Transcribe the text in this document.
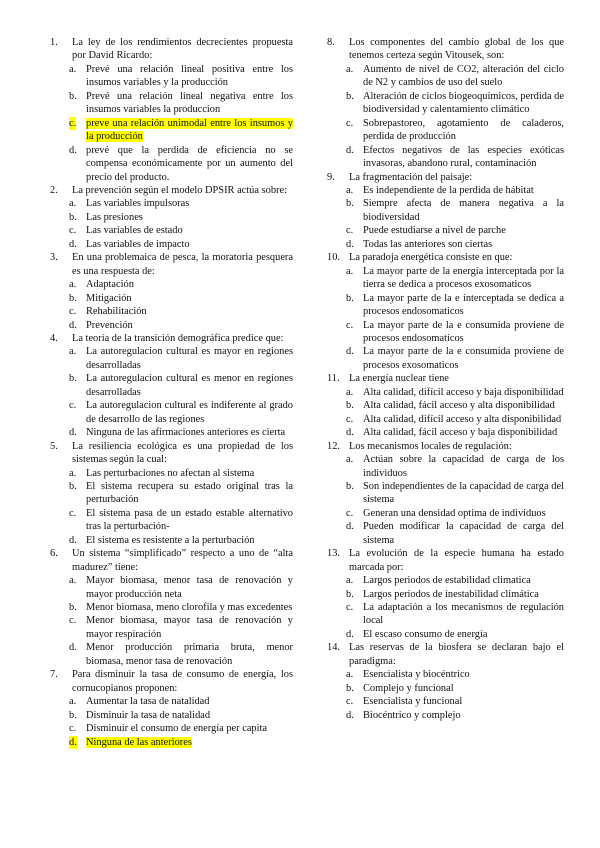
1. La ley de los rendimientos decrecientes propuesta por David Ricardo:
a. Prevé una relación lineal positiva entre los insumos variables y la producción
b. Prevé una relación lineal negativa entre los insumos variables la produccion
c. preve una relación unimodal entre los insumos y la producción
d. prevé que la perdida de eficiencia no se compensa económicamente por un aumento del precio del producto.
2. La prevención según el modelo DPSIR actúa sobre:
a. Las variables impulsoras
b. Las presiones
c. Las variables de estado
d. Las variables de impacto
3. En una problemaica de pesca, la moratoria pesquera es una respuesta de:
a. Adaptación
b. Mitigación
c. Rehabilitación
d. Prevención
4. La teoría de la transición demográfica predice que:
a. La autoregulacion cultural es mayor en regiones desarrolladas
b. La autoregulacion cultural es menor en regiones desarrolladas
c. La autoregulacion cultural es indiferente al grado de desarrollo de las regiones
d. Ninguna de las afirmaciones anteriores es cierta
5. La resiliencia ecológica es una propiedad de los sistemas según la cual:
a. Las perturbaciones no afectan al sistema
b. El sistema recupera su estado original tras la perturbación
c. El sistema pasa de un estado estable alternativo tras la perturbación-
d. El sistema es resistente a la perturbación
6. Un sistema “simplificado” respecto a uno de “alta madurez” tiene:
a. Mayor biomasa, menor tasa de renovación y mayor producción neta
b. Menor biomasa, meno clorofila y mas excedentes
c. Menor biomasa, mayor tasa de renovación y mayor respiración
d. Menor producción primaria bruta, menor biomasa, menor tasa de renovación
7. Para disminuir la tasa de consumo de energía, los cornucopianos proponen:
a. Aumentar la tasa de natalidad
b. Disminuir la tasa de natalidad
c. Disminuir el consumo de energía per capita
d. Ninguna de las anteriores
8. Los componentes del cambio global de los que tenemos certeza según Vitousek, son:
a. Aumento de nivel de CO2, alteración del ciclo de N2 y cambios de uso del suelo
b. Alteración de ciclos biogeoquímicos, perdida de biodiversidad y calentamiento climático
c. Sobrepastoreo, agotamiento de caladeros, perdida de producción
d. Efectos negativos de las especies exóticas invasoras, abandono rural, contaminación
9. La fragmentación del paisaje:
a. Es independiente de la perdida de hábitat
b. Siempre afecta de manera negativa a la biodiversidad
c. Puede estudiarse a nivel de parche
d. Todas las anteriores son ciertas
10. La paradoja energética consiste en que:
a. La mayor parte de la energía interceptada por la tierra se dedica a procesos exosomaticos
b. La mayor parte de la e interceptada se dedica a procesos endosomaticos
c. La mayor parte de la e consumida proviene de procesos endosomaticos
d. La mayor parte de la e consumida proviene de procesos exosomaticos
11. La energía nuclear tiene
a. Alta calidad, difícil acceso y baja disponibilidad
b. Alta calidad, fácil acceso y alta disponibilidad
c. Alta calidad, difícil acceso y alta disponibilidad
d. Alta calidad, fácil acceso y baja disponibilidad
12. Los mecanismos locales de regulación:
a. Actúan sobre la capacidad de carga de los individuos
b. Son independientes de la capacidad de carga del sistema
c. Generan una densidad optima de individuos
d. Pueden modificar la capacidad de carga del sistema
13. La evolución de la especie humana ha estado marcada por:
a. Largos periodos de estabilidad climatica
b. Largos periodos de inestabilidad climática
c. La adaptación a los mecanismos de regulación local
d. El escaso consumo de energía
14. Las reservas de la biosfera se declaran bajo el paradigma:
a. Esencialista y biocéntrico
b. Complejo y funcional
c. Esencialista y funcional
d. Biocéntrico y complejo
